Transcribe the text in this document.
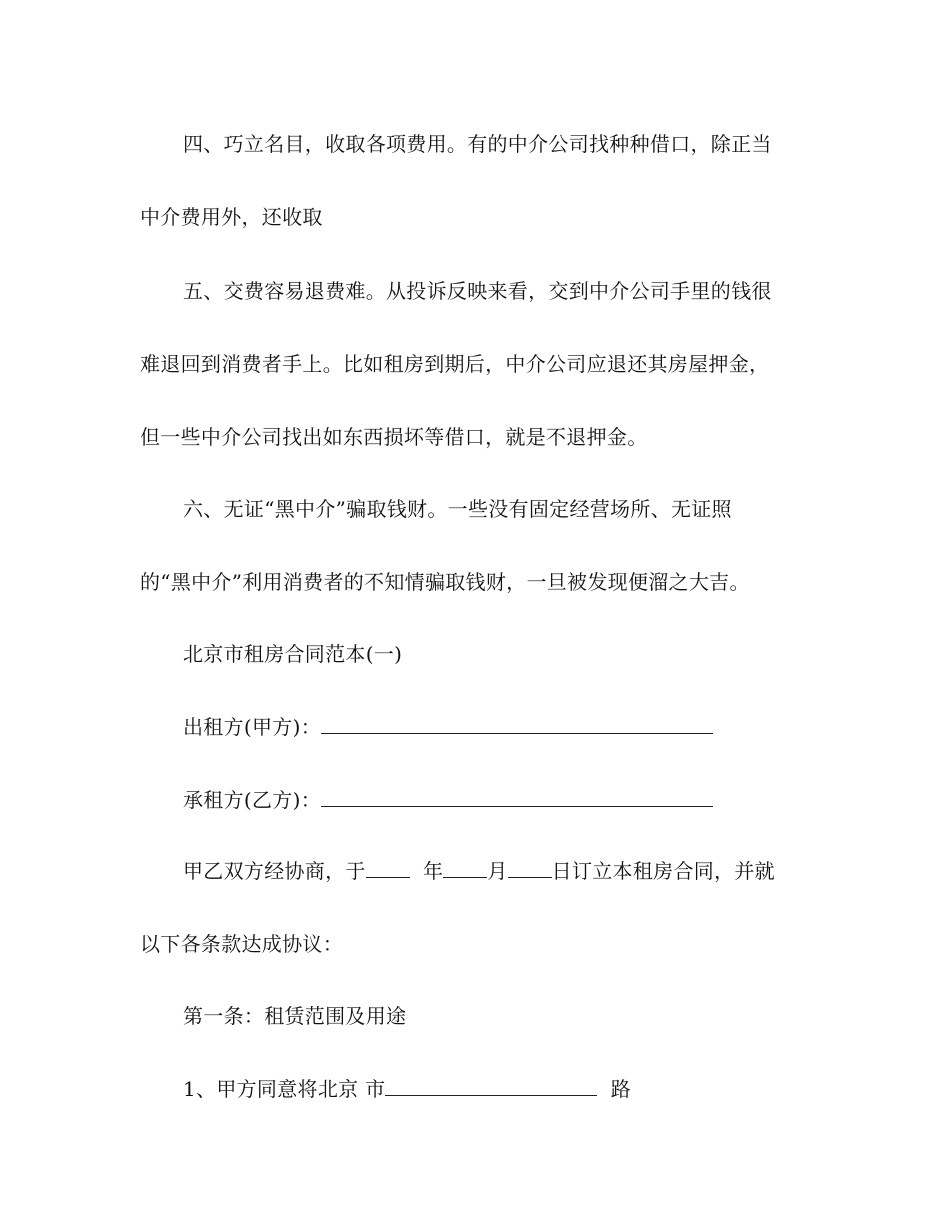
四、巧立名目，收取各项费用。有的中介公司找种种借口，除正当
中介费用外，还收取
五、交费容易退费难。从投诉反映来看，交到中介公司手里的钱很
难退回到消费者手上。比如租房到期后，中介公司应退还其房屋押金，
但一些中介公司找出如东西损坏等借口，就是不退押金。
六、无证“黑中介”骗取钱财。一些没有固定经营场所、无证照
的“黑中介”利用消费者的不知情骗取钱财，一旦被发现便溜之大吉。
北京市租房合同范本(一)
出租方(甲方)：
承租方(乙方)：
甲乙双方经协商，于	年 月 日订立本租房合同，并就
以下各条款达成协议：
第一条：租赁范围及用途
1、甲方同意将北京 市	路
